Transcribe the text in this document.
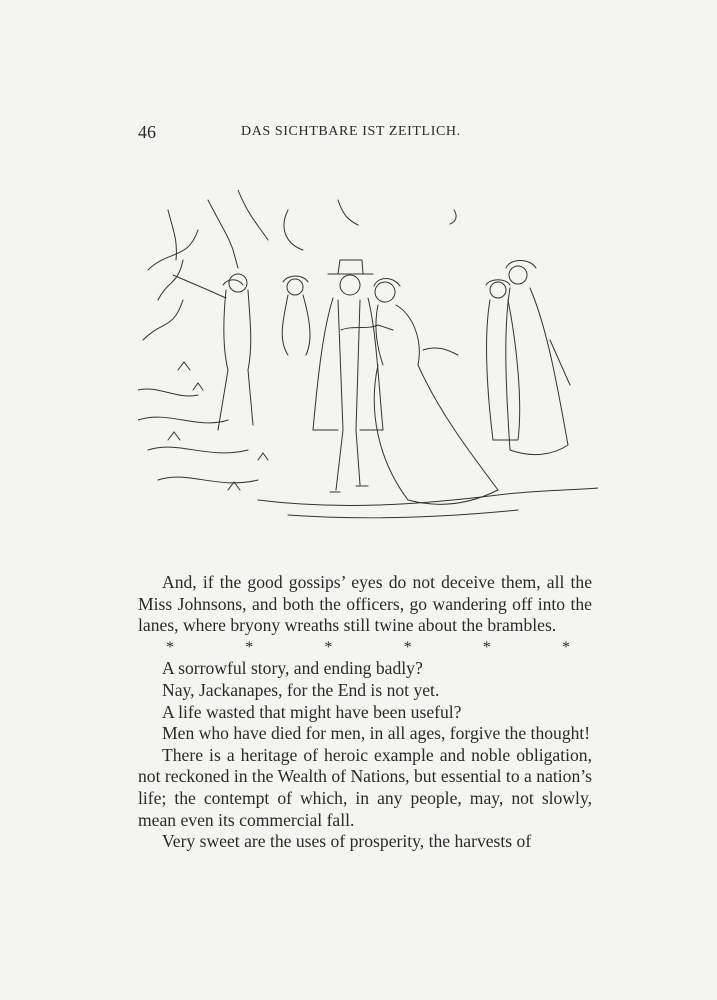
46	DAS SICHTBARE IST ZEITLICH.

And, if the good gossips’ eyes do not deceive them, all the Miss Johnsons, and both the officers, go wandering off into the lanes, where bryony wreaths still twine about the brambles.

*	*	*	*	*	*

A sorrowful story, and ending badly?

Nay, Jackanapes, for the End is not yet.

A life wasted that might have been useful?

Men who have died for men, in all ages, forgive the thought!

There is a heritage of heroic example and noble obligation, not reckoned in the Wealth of Nations, but essential to a nation’s life; the contempt of which, in any people, may, not slowly, mean even its commercial fall.

Very sweet are the uses of prosperity, the harvests of
